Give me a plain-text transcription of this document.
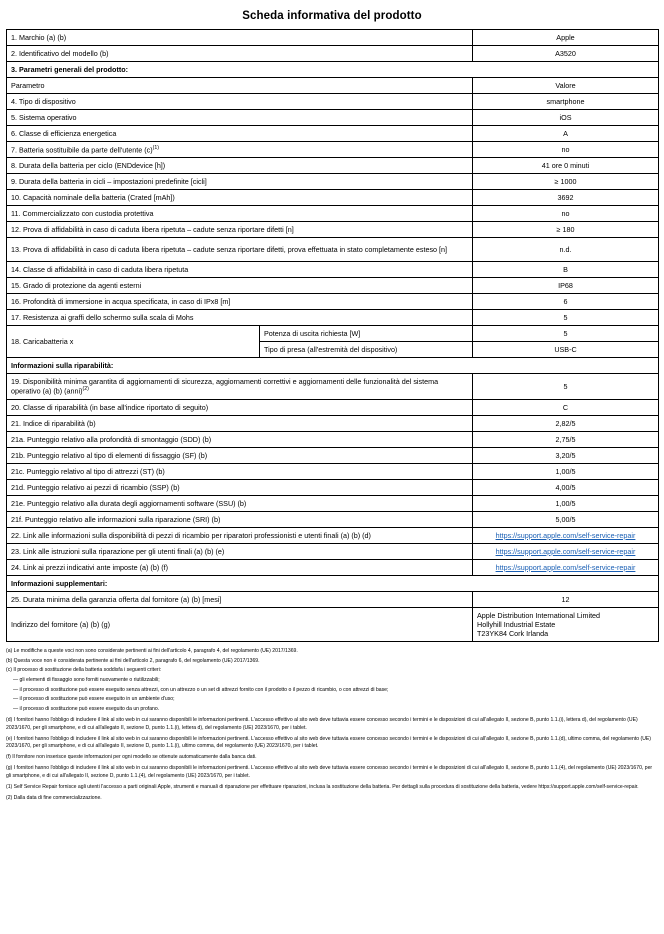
Scheda informativa del prodotto
1. Marchio (a) (b)		Apple
2. Identificativo del modello (b)		A3520
3. Parametri generali del prodotto:		
Parametro		Valore
4. Tipo di dispositivo		smartphone
5. Sistema operativo		iOS
6. Classe di efficienza energetica		A
7. Batteria sostituibile da parte dell'utente $(c)^{(1)}$		no
8. Durata della batteria per ciclo (ENDdevice [h])		41 ore 0 minuti
9. Durata della batteria in cicli – impostazioni predefinite [cicli]		≥ 1000
10. Capacità nominale della batteria (Crated [mAh])		3692
11. Commercializzato con custodia protettiva		no
12. Prova di affidabilità in caso di caduta libera ripetuta – cadute senza riportare difetti [n]		≥ 180
13. Prova di affidabilità in caso di caduta libera ripetuta – cadute senza riportare difetti, prova effettuata in stato completamente esteso [n]		n.d.
14. Classe di affidabilità in caso di caduta libera ripetuta		B
15. Grado di protezione da agenti esterni		IP68
16. Profondità di immersione in acqua specificata, in caso di IPx8 [m]		6
17. Resistenza ai graffi dello schermo sulla scala di Mohs		5
18. Caricabatteria x	Potenza di uscita richiesta [W]	5
	Tipo di presa (all'estremità del dispositivo)	USB-C
Informazioni sulla riparabilità:		
19. Disponibilità minima garantita di aggiornamenti di sicurezza, aggiornamenti correttivi e aggiornamenti delle funzionalità del sistema operativo (a) (b) (anni)$^{(2)}$		5
20. Classe di riparabilità (in base all'indice riportato di seguito)		C
21. Indice di riparabilità (b)		2,82/5
21a. Punteggio relativo alla profondità di smontaggio (SDD) (b)		2,75/5
21b. Punteggio relativo al tipo di elementi di fissaggio (SF) (b)		3,20/5
21c. Punteggio relativo al tipo di attrezzi (ST) (b)		1,00/5
21d. Punteggio relativo ai pezzi di ricambio (SSP) (b)		4,00/5
21e. Punteggio relativo alla durata degli aggiornamenti software (SSU) (b)		1,00/5
21f. Punteggio relativo alle informazioni sulla riparazione (SRI) (b)		5,00/5
22. Link alle informazioni sulla disponibilità di pezzi di ricambio per riparatori professionisti e utenti finali (a) (b) (d)		https://support.apple.com/self-service-repair
23. Link alle istruzioni sulla riparazione per gli utenti finali (a) (b) (e)		https://support.apple.com/self-service-repair
24. Link ai prezzi indicativi ante imposte (a) (b) (f)		https://support.apple.com/self-service-repair
Informazioni supplementari:		
25. Durata minima della garanzia offerta dal fornitore (a) (b) [mesi]		12
Indirizzo del fornitore (a) (b) (g)		Apple Distribution International Limited
Hollyhill Industrial Estate
T23YK84 Cork Irlanda

(a) Le modifiche a queste voci non sono considerate pertinenti ai fini dell'articolo 4, paragrafo 4, del regolamento (UE) 2017/1369.

(b) Questa voce non è considerata pertinente ai fini dell'articolo 2, paragrafo 6, del regolamento (UE) 2017/1369.

(c) Il processo di sostituzione della batteria soddisfa i seguenti criteri:

— gli elementi di fissaggio sono forniti nuovamente o riutilizzabili;

— il processo di sostituzione può essere eseguito senza attrezzi, con un attrezzo o un set di attrezzi fornito con il prodotto o il pezzo di ricambio, o con attrezzi di base;

— il processo di sostituzione può essere eseguito in un ambiente d'uso;

— il processo di sostituzione può essere eseguito da un profano.

(d) I fornitori hanno l'obbligo di includere il link al sito web in cui saranno disponibili le informazioni pertinenti. L'accesso effettivo al sito web deve tuttavia essere concesso secondo i termini e le disposizioni di cui all'allegato II, sezione B, punto 1.1.(i), lettera d), del regolamento (UE) 2023/1670, per gli smartphone, e di cui all'allegato II, sezione D, punto 1.1.(i), lettera d), del regolamento (UE) 2023/1670, per i tablet.

(e) I fornitori hanno l'obbligo di includere il link al sito web in cui saranno disponibili le informazioni pertinenti. L'accesso effettivo al sito web deve tuttavia essere concesso secondo i termini e le disposizioni di cui all'allegato II, sezione B, punto 1.1.(d), ultimo comma, del regolamento (UE) 2023/1670, per gli smartphone, e di cui all'allegato II, sezione D, punto 1.1.(i), ultimo comma, del regolamento (UE) 2023/1670, per i tablet.

(f) Il fornitore non inserisce queste informazioni per ogni modello se ottenute automaticamente dalla banca dati.

(g) I fornitori hanno l'obbligo di includere il link al sito web in cui saranno disponibili le informazioni pertinenti. L'accesso effettivo al sito web deve tuttavia essere concesso secondo i termini e le disposizioni di cui all'allegato II, sezione B, punto 1.1.(4), del regolamento (UE) 2023/1670, per gli smartphone, e di cui all'allegato II, sezione D, punto 1.1.(4), del regolamento (UE) 2023/1670, per i tablet.

(1) Self Service Repair fornisce agli utenti l'accesso a parti originali Apple, strumenti e manuali di riparazione per effettuare riparazioni, inclusa la sostituzione della batteria. Per dettagli sulla procedura di sostituzione della batteria, vedere https://support.apple.com/self-service-repair.

(2) Dalla data di fine commercializzazione.
